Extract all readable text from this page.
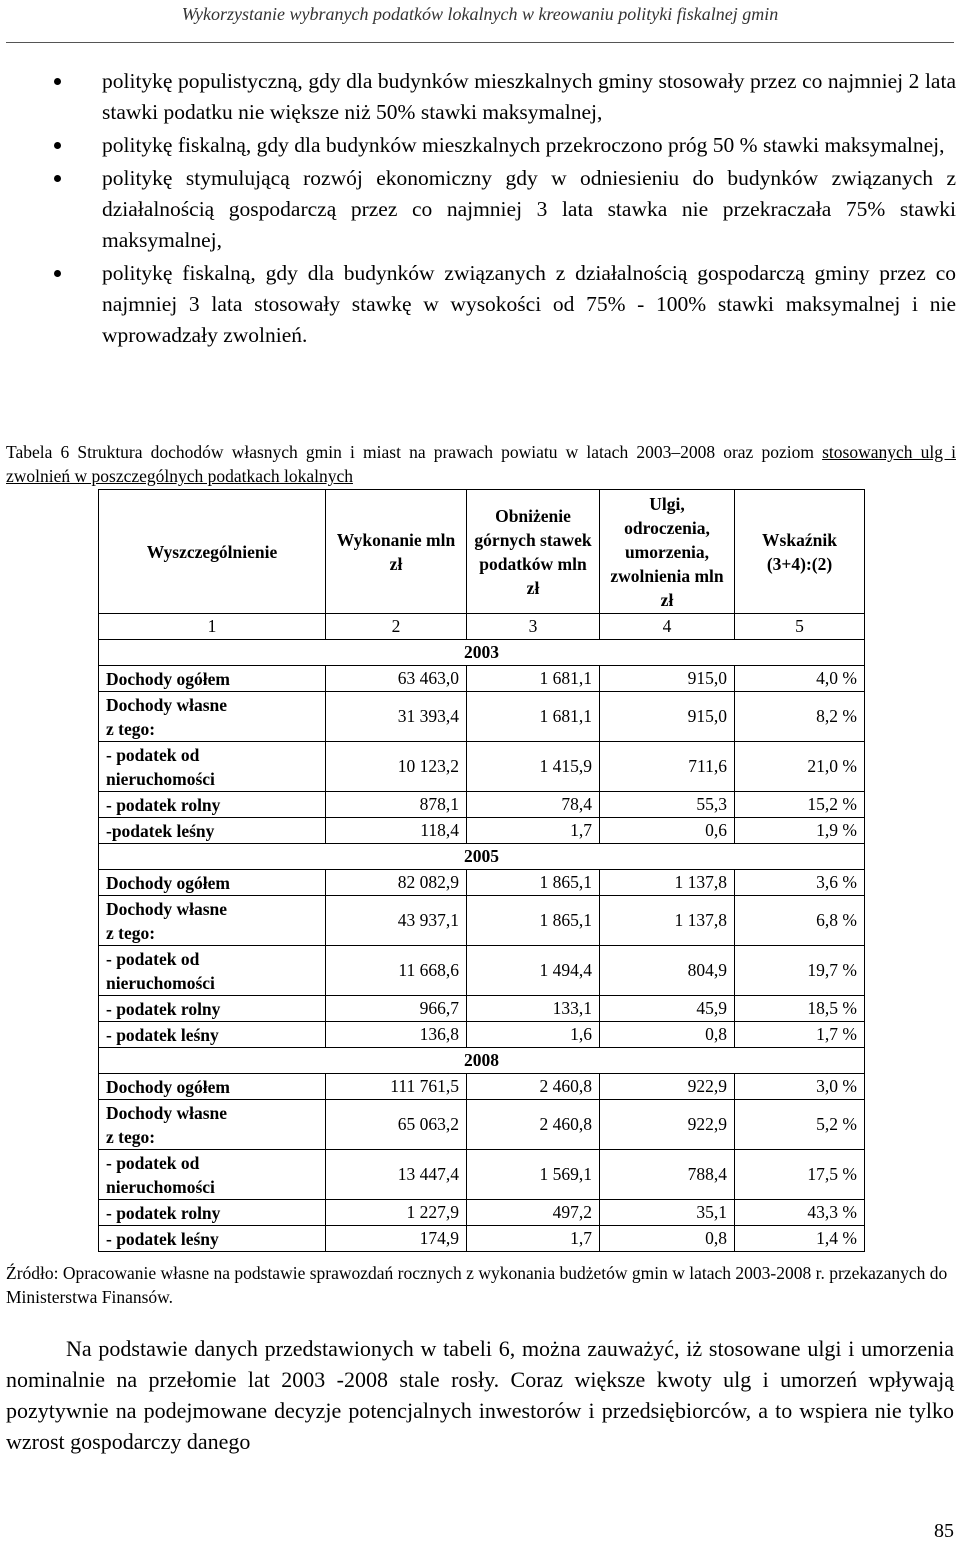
Wykorzystanie wybranych podatków lokalnych w kreowaniu polityki fiskalnej gmin
politykę populistyczną, gdy dla budynków mieszkalnych gminy stosowały przez co najmniej 2 lata stawki podatku nie większe niż 50% stawki maksymalnej,
politykę fiskalną, gdy dla budynków mieszkalnych przekroczono próg 50 % stawki maksymalnej,
politykę stymulującą rozwój ekonomiczny gdy w odniesieniu do budynków związanych z działalnością gospodarczą przez co najmniej 3 lata stawka nie przekraczała 75% stawki maksymalnej,
politykę fiskalną, gdy dla budynków związanych z działalnością gospodarczą gminy przez co najmniej 3 lata stosowały stawkę w wysokości od 75% - 100% stawki maksymalnej i nie wprowadzały zwolnień.
Tabela 6 Struktura dochodów własnych gmin i miast na prawach powiatu w latach 2003–2008 oraz poziom stosowanych ulg i zwolnień w poszczególnych podatkach lokalnych
Wyszczególnienie	Wykonanie mln zł	Obniżenie górnych stawek podatków mln zł	Ulgi, odroczenia, umorzenia, zwolnienia mln zł	Wskaźnik (3+4):(2)
1	2	3	4	5
2003				
Dochody ogółem	63 463,0	1 681,1	915,0	4,0 %
Dochody własne
z tego:	31 393,4	1 681,1	915,0	8,2 %
- podatek od
nieruchomości	10 123,2	1 415,9	711,6	21,0 %
- podatek rolny	878,1	78,4	55,3	15,2 %
-podatek leśny	118,4	1,7	0,6	1,9 %
2005				
Dochody ogółem	82 082,9	1 865,1	1 137,8	3,6 %
Dochody własne
z tego:	43 937,1	1 865,1	1 137,8	6,8 %
- podatek od
nieruchomości	11 668,6	1 494,4	804,9	19,7 %
- podatek rolny	966,7	133,1	45,9	18,5 %
- podatek leśny	136,8	1,6	0,8	1,7 %
2008				
Dochody ogółem	111 761,5	2 460,8	922,9	3,0 %
Dochody własne
z tego:	65 063,2	2 460,8	922,9	5,2 %
- podatek od
nieruchomości	13 447,4	1 569,1	788,4	17,5 %
- podatek rolny	1 227,9	497,2	35,1	43,3 %
- podatek leśny	174,9	1,7	0,8	1,4 %
Źródło: Opracowanie własne na podstawie sprawozdań rocznych z wykonania budżetów gmin w latach 2003-2008 r. przekazanych do Ministerstwa Finansów.
Na podstawie danych przedstawionych w tabeli 6, można zauważyć, iż stosowane ulgi i umorzenia nominalnie na przełomie lat 2003 -2008 stale rosły. Coraz większe kwoty ulg i umorzeń wpływają pozytywnie na podejmowane decyzje potencjalnych inwestorów i przedsiębiorców, a to wspiera nie tylko wzrost gospodarczy danego
85
